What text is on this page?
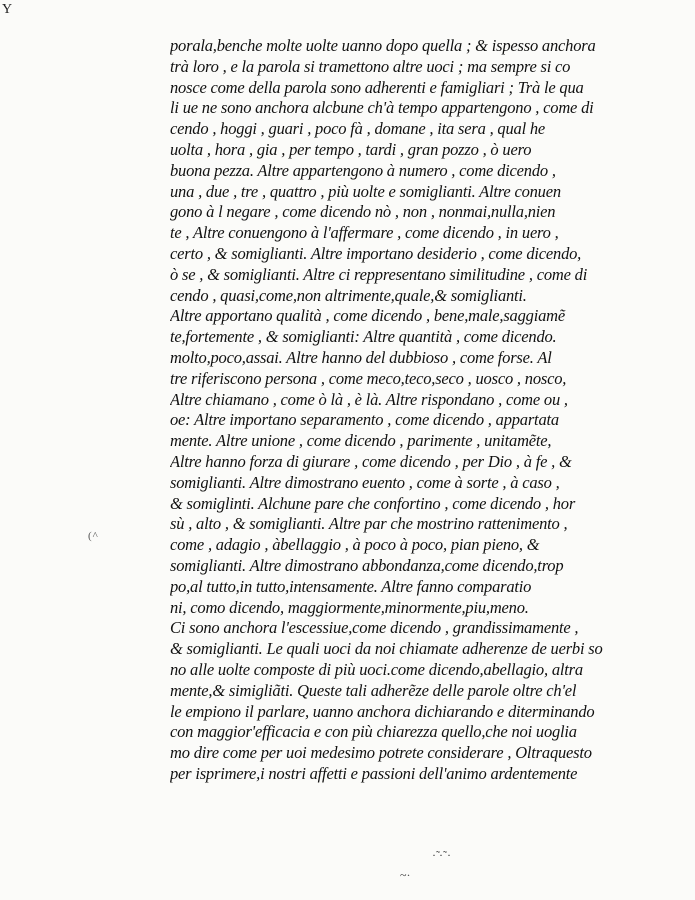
Y
(^
porala,benche molte uolte uanno dopo quella ; & ispesso anchora
trà loro , e la parola si tramettono altre uoci ; ma sempre si co
nosce come della parola sono adherenti e famigliari ; Trà le qua
li ue ne sono anchora alcbune ch'à tempo appartengono , come di
cendo , hoggi , guari , poco fà , domane , ita sera , qual he
uolta , hora , gia , per tempo , tardi , gran pozzo , ò uero
buona pezza. Altre appartengono à numero , come dicendo ,
una , due , tre , quattro , più uolte e somiglianti. Altre conuen
gono à l negare , come dicendo nò , non , nonmai,nulla,nien
te , Altre conuengono à l'affermare , come dicendo , in uero ,
certo , & somiglianti. Altre importano desiderio , come dicendo,
ò se , & somiglianti. Altre ci reppresentano similitudine , come di
cendo , quasi,come,non altrimente,quale,& somiglianti.
Altre apportano qualità , come dicendo , bene,male,saggiamẽ
te,fortemente , & somiglianti: Altre quantità , come dicendo.
molto,poco,assai. Altre hanno del dubbioso , come forse. Al
tre riferiscono persona , come meco,teco,seco , uosco , nosco,
Altre chiamano , come ò là , è là. Altre rispondano , come ou ,
oe: Altre importano separamento , come dicendo , appartata
mente. Altre unione , come dicendo , parimente , unitamẽte,
Altre hanno forza di giurare , come dicendo , per Dio , à fe , &
somiglianti. Altre dimostrano euento , come à sorte , à caso ,
& somiglinti. Alchune pare che confortino , come dicendo , hor
sù , alto , & somiglianti. Altre par che mostrino rattenimento ,
come , adagio , àbellaggio , à poco à poco, pian pieno, &
somiglianti. Altre dimostrano abbondanza,come dicendo,trop
po,al tutto,in tutto,intensamente. Altre fanno comparatio
ni, como dicendo, maggiormente,minormente,piu,meno.
Ci sono anchora l'escessiue,come dicendo , grandissimamente ,
& somiglianti. Le quali uoci da noi chiamate adherenze de uerbi so
no alle uolte composte di più uoci.come dicendo,abellagio, altra
mente,& simigliãti. Queste tali adherẽze delle parole oltre ch'el
le empiono il parlare, uanno anchora dichiarando e diterminando
con maggior'efficacia e con più chiarezza quello,che noi uoglia
mo dire come per uoi medesimo potrete considerare , Oltraquesto
per isprimere,i nostri affetti e passioni dell'animo ardentemente
·̃ ·˜·
~·
